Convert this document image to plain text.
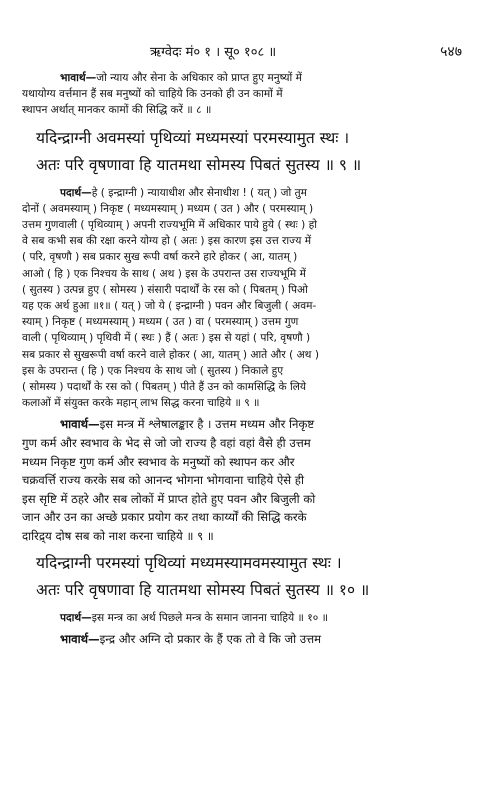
ऋग्वेदः मं० १ । सू० १०८ ॥	५४७

भावार्थ—जो न्याय और सेना के अधिकार को प्राप्त हुए मनुष्यों में

यथायोग्य वर्त्तमान हैं सब मनुष्यों को चाहिये कि उनको ही उन कामों में

स्थापन अर्थात् मानकर कामों की सिद्धि करें ॥ ८ ॥

यदिन्द्राग्नी अवमस्यां पृथिव्यां मध्यमस्यां परमस्यामुत स्थः ।

अतः परि वृषणावा हि यातमथा सोमस्य पिबतं सुतस्य ॥ ९ ॥

पदार्थ—हे ( इन्द्राग्नी ) न्यायाधीश और सेनाधीश ! ( यत् ) जो तुम

दोनों ( अवमस्याम् ) निकृष्ट ( मध्यमस्याम् ) मध्यम ( उत ) और ( परमस्याम् )

उत्तम गुणवाली ( पृथिव्याम् ) अपनी राज्यभूमि में अधिकार पाये हुये ( स्थः ) हो

वे सब कभी सब की रक्षा करने योग्य हो ( अतः ) इस कारण इस उत्त राज्य में

( परि, वृषणौ ) सब प्रकार सुख रूपी वर्षा करने हारे होकर ( आ, यातम् )

आओ ( हि ) एक निश्चय के साथ ( अथ ) इस के उपरान्त उस राज्यभूमि में

( सुतस्य ) उत्पन्न हुए ( सोमस्य ) संसारी पदार्थों के रस को ( पिबतम् ) पिओ

यह एक अर्थ हुआ ॥१॥ ( यत् ) जो ये ( इन्द्राग्नी ) पवन और बिजुली ( अवम-

स्याम् ) निकृष्ट ( मध्यमस्याम् ) मध्यम ( उत ) वा ( परमस्याम् ) उत्तम गुण

वाली ( पृथिव्याम् ) पृथिवी में ( स्थः ) हैं ( अतः ) इस से यहां ( परि, वृषणौ )

सब प्रकार से सुखरूपी वर्षा करने वाले होकर ( आ, यातम् ) आते और ( अथ )

इस के उपरान्त ( हि ) एक निश्चय के साथ जो ( सुतस्य ) निकाले हुए

( सोमस्य ) पदार्थों के रस को ( पिबतम् ) पीते हैं उन को कामसिद्धि के लिये

कलाओं में संयुक्त करके महान् लाभ सिद्ध करना चाहिये ॥ ९ ॥

भावार्थ—इस मन्त्र में श्लेषालङ्कार है । उत्तम मध्यम और निकृष्ट

गुण कर्म और स्वभाव के भेद से जो जो राज्य है वहां वहां वैसे ही उत्तम

मध्यम निकृष्ट गुण कर्म और स्वभाव के मनुष्यों को स्थापन कर और

चक्रवर्त्ति राज्य करके सब को आनन्द भोगना भोगवाना चाहिये ऐसे ही

इस सृष्टि में ठहरे और सब लोकों में प्राप्त होते हुए पवन और बिजुली को

जान और उन का अच्छे प्रकार प्रयोग कर तथा कार्य्यों की सिद्धि करके

दारिद्र्य दोष सब को नाश करना चाहिये ॥ ९ ॥

यदिन्द्राग्नी परमस्यां पृथिव्यां मध्यमस्यामवमस्यामुत स्थः ।

अतः परि वृषणावा हि यातमथा सोमस्य पिबतं सुतस्य ॥ १० ॥

पदार्थ—इस मन्त्र का अर्थ पिछले मन्त्र के समान जानना चाहिये ॥ १० ॥

भावार्थ—इन्द्र और अग्नि दो प्रकार के हैं एक तो वे कि जो उत्तम
